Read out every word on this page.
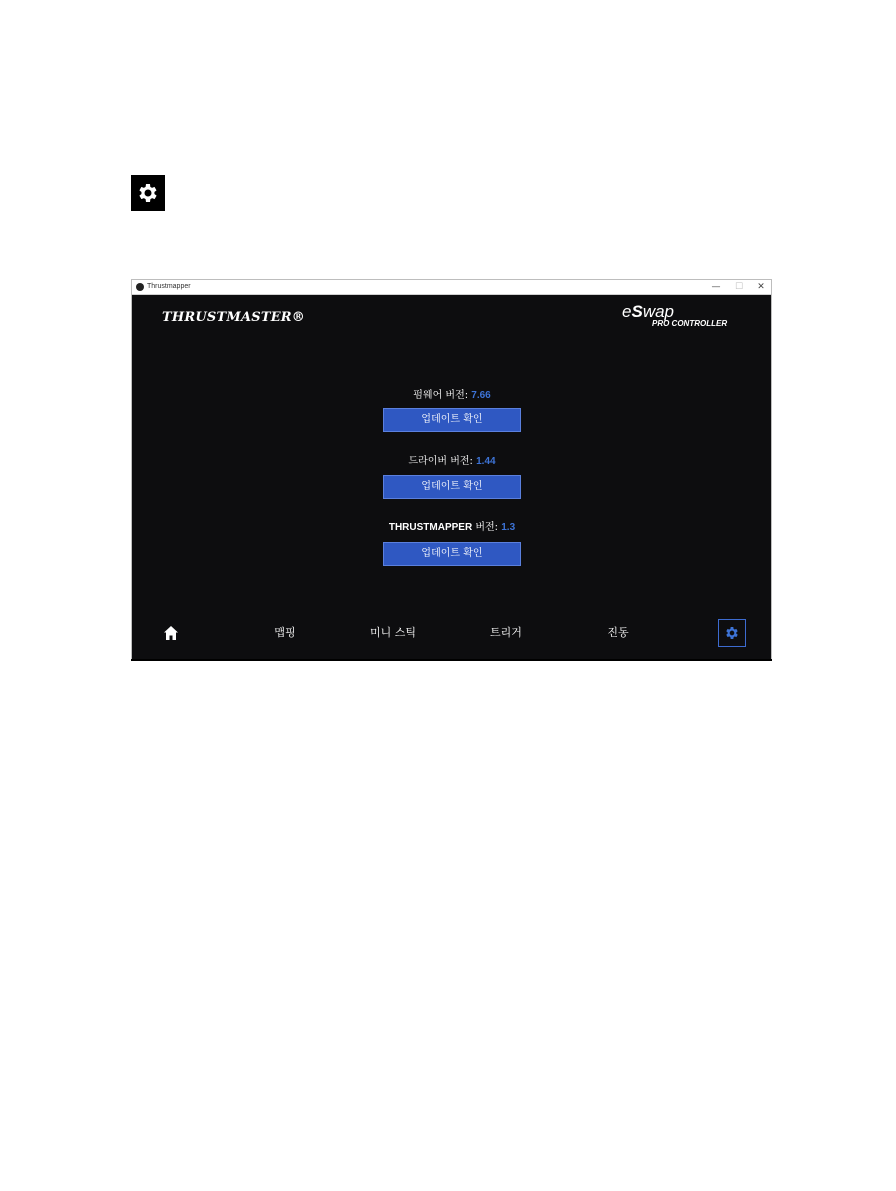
Thrustmapper	—	☐	✕
THRUSTMASTER®	eSwap
PRO CONTROLLER
펌웨어 버전: 7.66
업데이트 확인
드라이버 버전: 1.44
업데이트 확인
THRUSTMAPPER 버전: 1.3
업데이트 확인
맵핑	미니 스틱	트리거	진동
